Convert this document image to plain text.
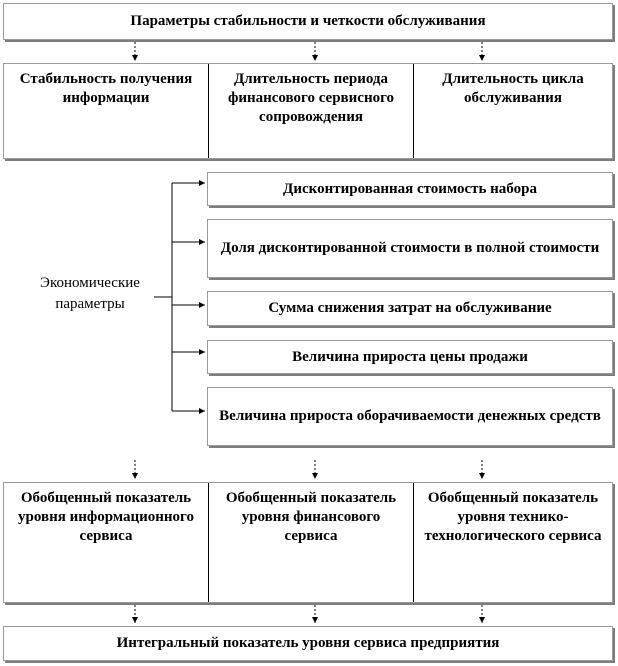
Параметры стабильности и четкости обслуживания
Стабильность получения информации
Длительность периода финансового сервисного сопровождения
Длительность цикла обслуживания
Экономические параметры
Дисконтированная стоимость набора
Доля дисконтированной стоимости в полной стоимости
Сумма снижения затрат на обслуживание
Величина прироста цены продажи
Величина прироста оборачиваемости денежных средств
Обобщенный показатель уровня информационного сервиса
Обобщенный показатель уровня финансового сервиса
Обобщенный показатель уровня технико-технологического сервиса
Интегральный показатель уровня сервиса предприятия
